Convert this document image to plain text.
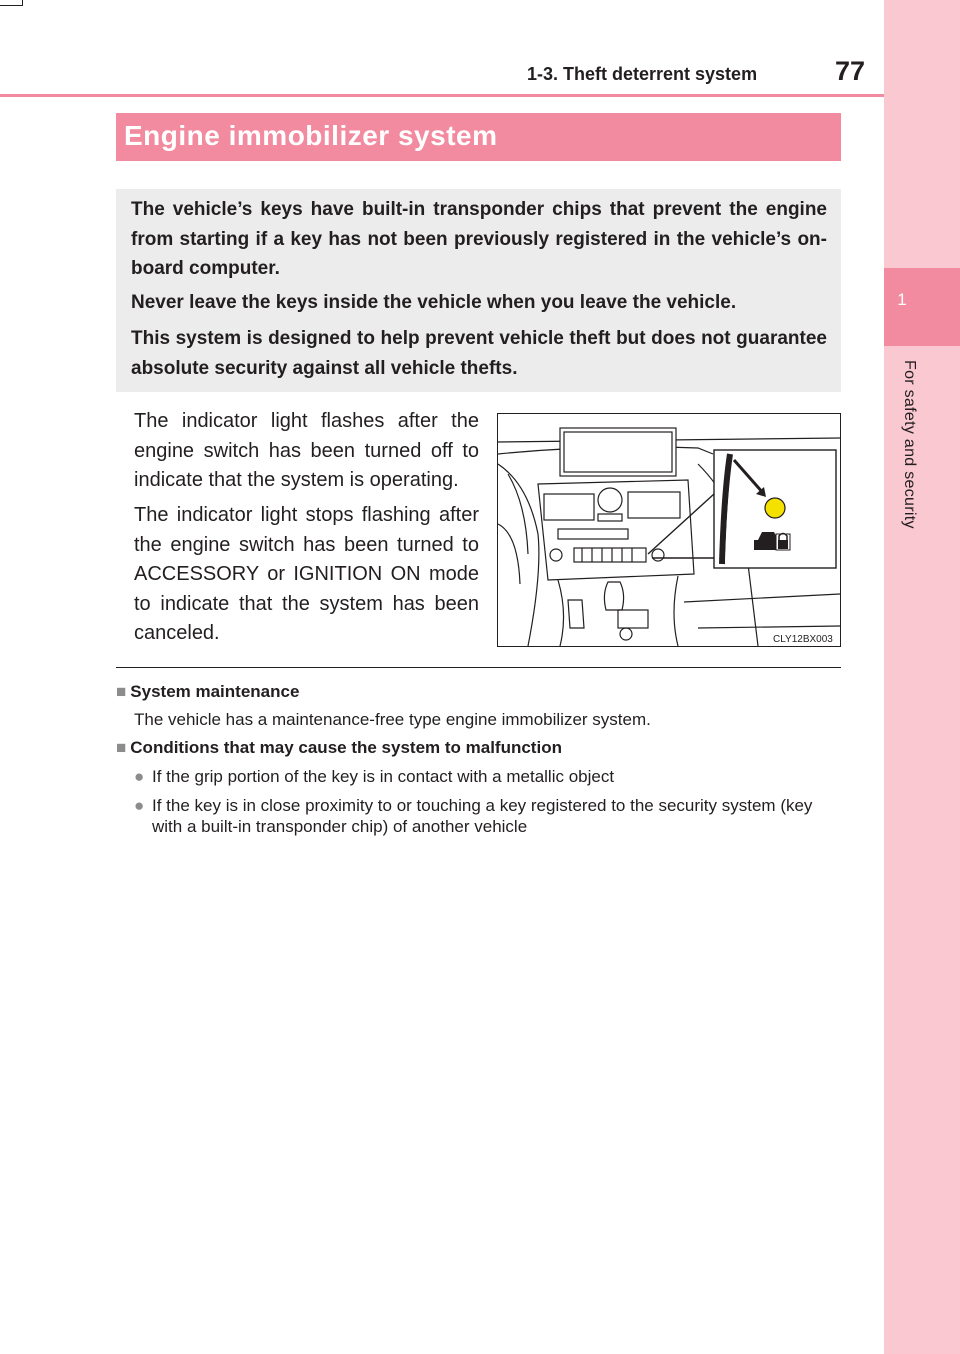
1
For safety and security
1-3. Theft deterrent system	77
Engine immobilizer system

The vehicle’s keys have built-in transponder chips that prevent the engine from starting if a key has not been previously registered in the vehicle’s on-board computer.

Never leave the keys inside the vehicle when you leave the vehicle.

This system is designed to help prevent vehicle theft but does not guarantee absolute security against all vehicle thefts.

The indicator light flashes after the engine switch has been turned off to indicate that the system is operating.

The indicator light stops flashing after the engine switch has been turned to ACCESSORY or IGNITION ON mode to indicate that the system has been canceled.	CLY12BX003
■ System maintenance
The vehicle has a maintenance-free type engine immobilizer system.
■ Conditions that may cause the system to malfunction
● If the grip portion of the key is in contact with a metallic object
● If the key is in close proximity to or touching a key registered to the security system (key with a built-in transponder chip) of another vehicle
